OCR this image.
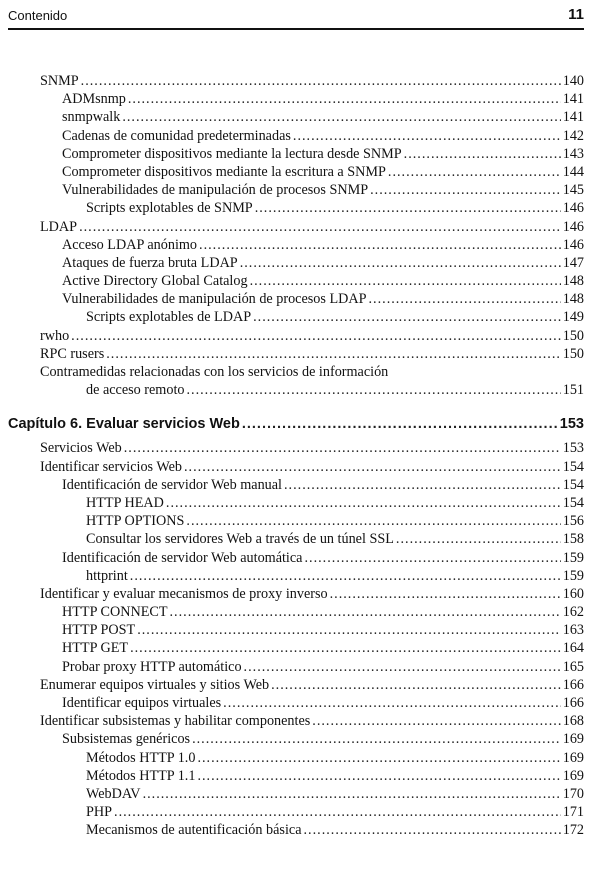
Contenido	11
SNMP .....	140
ADMsnmp .....	141
snmpwalk .....	141
Cadenas de comunidad predeterminadas .....	142
Comprometer dispositivos mediante la lectura desde SNMP .....	143
Comprometer dispositivos mediante la escritura a SNMP .....	144
Vulnerabilidades de manipulación de procesos SNMP .....	145
Scripts explotables de SNMP .....	146
LDAP .....	146
Acceso LDAP anónimo .....	146
Ataques de fuerza bruta LDAP .....	147
Active Directory Global Catalog .....	148
Vulnerabilidades de manipulación de procesos LDAP .....	148
Scripts explotables de LDAP .....	149
rwho .....	150
RPC rusers .....	150
Contramedidas relacionadas con los servicios de información
de acceso remoto .....	151
Capítulo 6. Evaluar servicios Web .....	153
Servicios Web .....	153
Identificar servicios Web .....	154
Identificación de servidor Web manual .....	154
HTTP HEAD .....	154
HTTP OPTIONS .....	156
Consultar los servidores Web a través de un túnel SSL .....	158
Identificación de servidor Web automática .....	159
httprint .....	159
Identificar y evaluar mecanismos de proxy inverso .....	160
HTTP CONNECT .....	162
HTTP POST .....	163
HTTP GET .....	164
Probar proxy HTTP automático .....	165
Enumerar equipos virtuales y sitios Web .....	166
Identificar equipos virtuales .....	166
Identificar subsistemas y habilitar componentes .....	168
Subsistemas genéricos .....	169
Métodos HTTP 1.0 .....	169
Métodos HTTP 1.1 .....	169
WebDAV .....	170
PHP .....	171
Mecanismos de autentificación básica .....	172
